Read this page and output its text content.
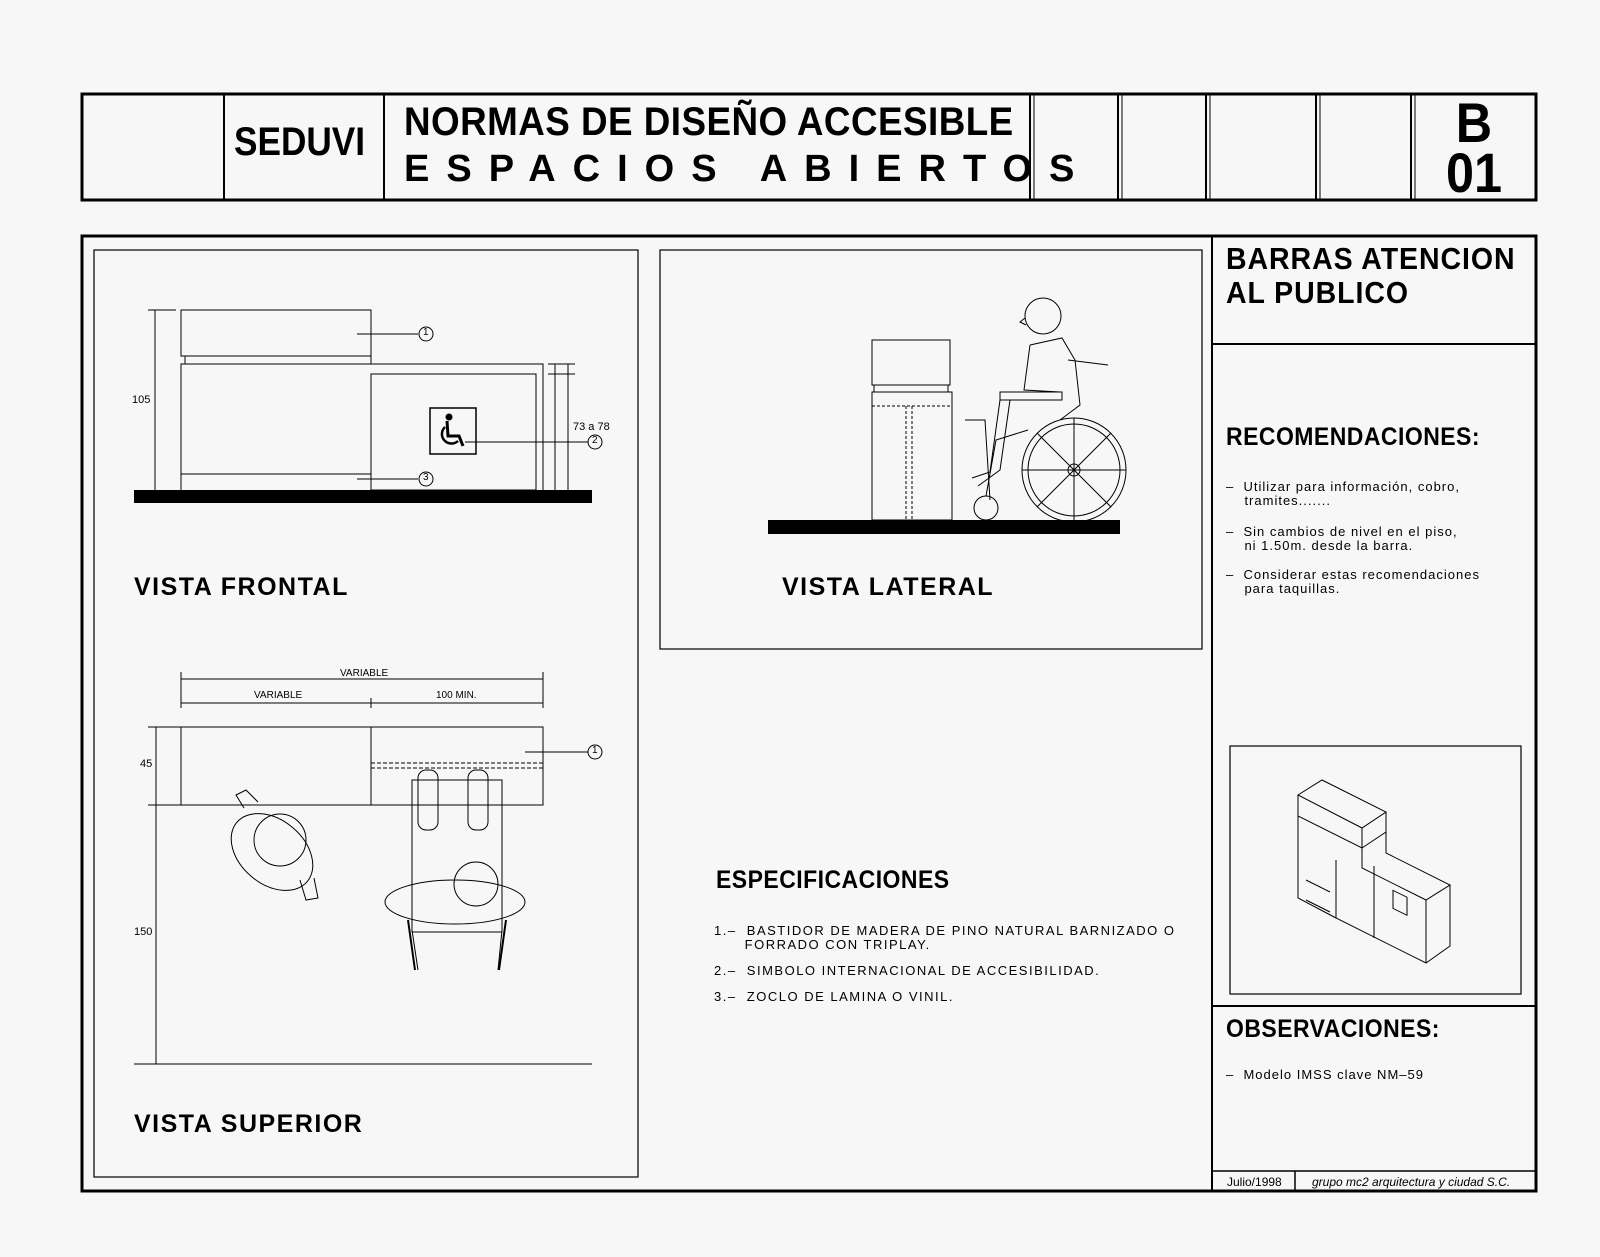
SEDUVI NORMAS DE DISEÑO ACCESIBLE
ESPACIOS ABIERTOS
B
01
VISTA FRONTAL
VISTA SUPERIOR
VISTA LATERAL
105
73 a 78
1
2
3
VARIABLE
VARIABLE	100 MIN.
45
150
1
BARRAS ATENCION
AL PUBLICO
RECOMENDACIONES:
–  Utilizar para información, cobro,
tramites.......
–  Sin cambios de nivel en el piso,
ni 1.50m. desde la barra.
–  Considerar estas recomendaciones
para taquillas.
OBSERVACIONES:
–  Modelo IMSS clave NM–59
Julio/1998	grupo mc2 arquitectura y ciudad S.C.
ESPECIFICACIONES
1.–  BASTIDOR DE MADERA DE PINO NATURAL BARNIZADO O
FORRADO CON TRIPLAY.
2.–  SIMBOLO INTERNACIONAL DE ACCESIBILIDAD.
3.–  ZOCLO DE LAMINA O VINIL.
